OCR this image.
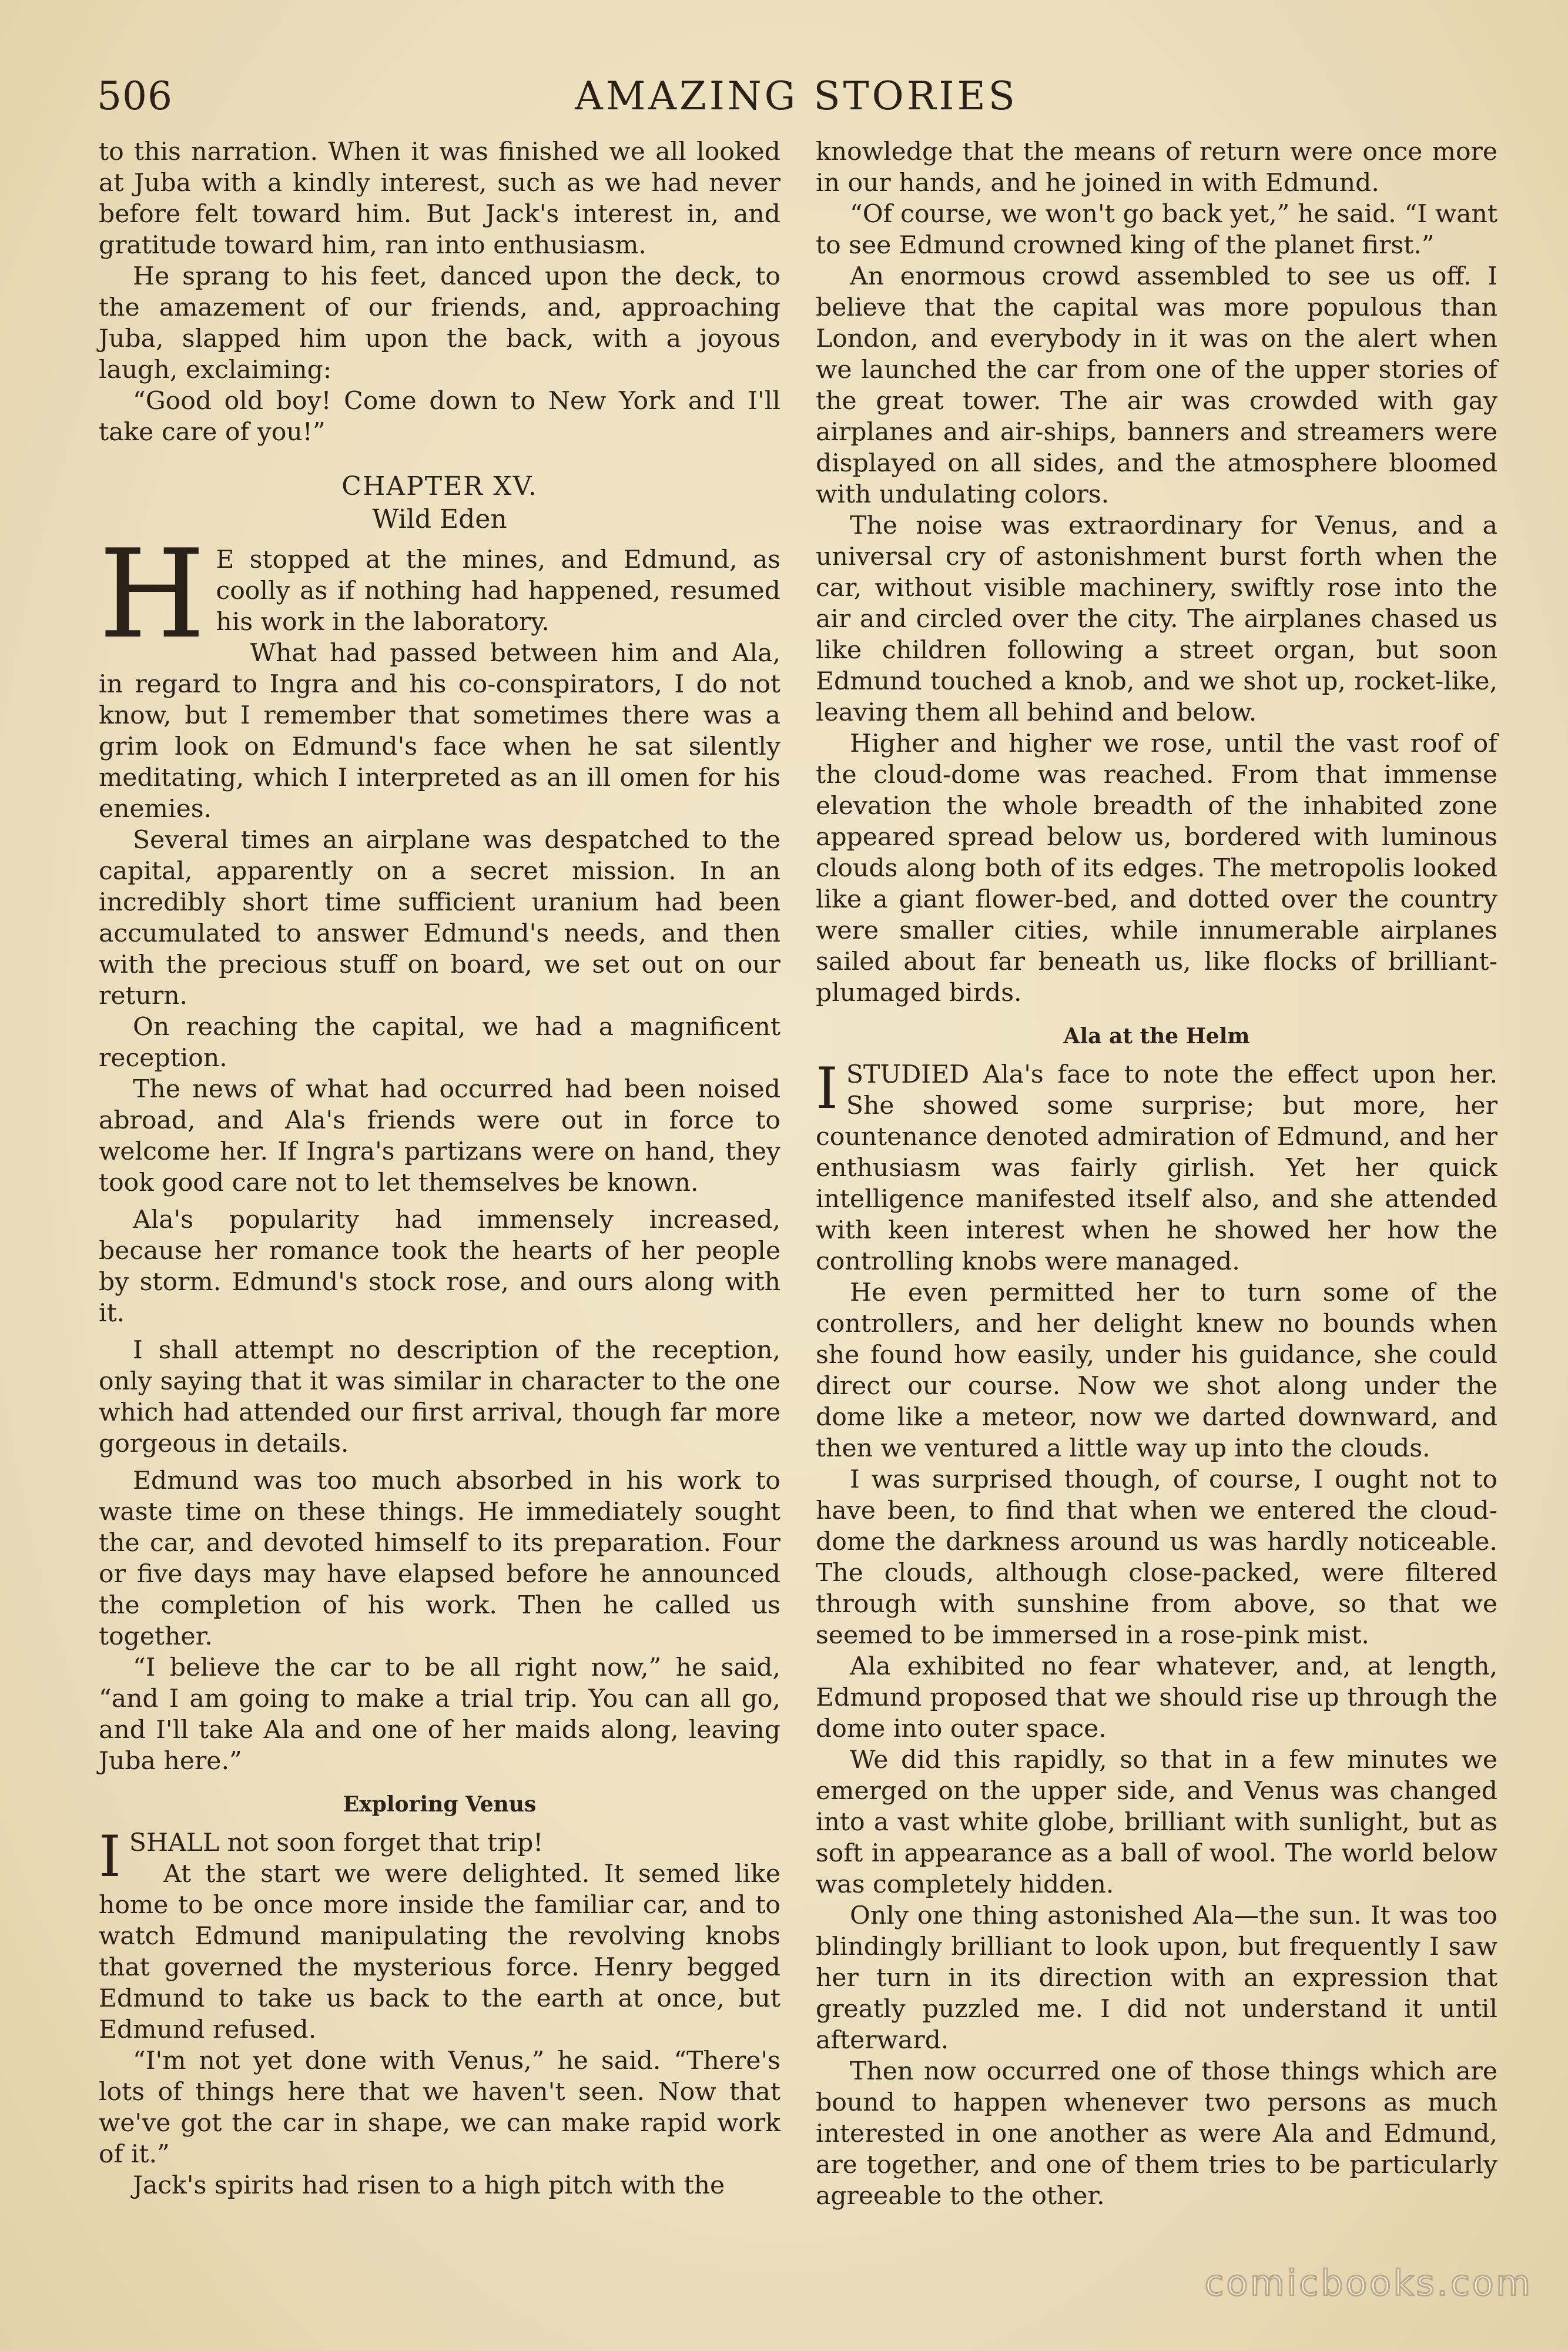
506	AMAZING STORIES

to this narration. When it was finished we all looked at Juba with a kindly interest, such as we had never before felt toward him. But Jack's interest in, and gratitude toward him, ran into enthusiasm.

He sprang to his feet, danced upon the deck, to the amazement of our friends, and, approaching Juba, slapped him upon the back, with a joyous laugh, exclaiming:

“Good old boy! Come down to New York and I'll take care of you!”

CHAPTER XV.
Wild Eden

H E stopped at the mines, and Edmund, as coolly as if nothing had happened, resumed his work in the laboratory.

What had passed between him and Ala, in regard to Ingra and his co-conspirators, I do not know, but I remember that sometimes there was a grim look on Edmund's face when he sat silently meditating, which I interpreted as an ill omen for his enemies.

Several times an airplane was despatched to the capital, apparently on a secret mission. In an incredibly short time sufficient uranium had been accumulated to answer Edmund's needs, and then with the precious stuff on board, we set out on our return.

On reaching the capital, we had a magnificent reception.

The news of what had occurred had been noised abroad, and Ala's friends were out in force to welcome her. If Ingra's partizans were on hand, they took good care not to let themselves be known.

Ala's popularity had immensely increased, because her romance took the hearts of her people by storm. Edmund's stock rose, and ours along with it.

I shall attempt no description of the reception, only saying that it was similar in character to the one which had attended our first arrival, though far more gorgeous in details.

Edmund was too much absorbed in his work to waste time on these things. He immediately sought the car, and devoted himself to its preparation. Four or five days may have elapsed before he announced the completion of his work. Then he called us together.

“I believe the car to be all right now,” he said, “and I am going to make a trial trip. You can all go, and I'll take Ala and one of her maids along, leaving Juba here.”

Exploring Venus

ISHALL not soon forget that trip!

At the start we were delighted. It semed like home to be once more inside the familiar car, and to watch Edmund manipulating the revolving knobs that governed the mysterious force. Henry begged Edmund to take us back to the earth at once, but Edmund refused.

“I'm not yet done with Venus,” he said. “There's lots of things here that we haven't seen. Now that we've got the car in shape, we can make rapid work of it.”

Jack's spirits had risen to a high pitch with the

knowledge that the means of return were once more in our hands, and he joined in with Edmund.

“Of course, we won't go back yet,” he said. “I want to see Edmund crowned king of the planet first.”

An enormous crowd assembled to see us off. I believe that the capital was more populous than London, and everybody in it was on the alert when we launched the car from one of the upper stories of the great tower. The air was crowded with gay airplanes and air-ships, banners and streamers were displayed on all sides, and the atmosphere bloomed with undulating colors.

The noise was extraordinary for Venus, and a universal cry of astonishment burst forth when the car, without visible machinery, swiftly rose into the air and circled over the city. The airplanes chased us like children following a street organ, but soon Edmund touched a knob, and we shot up, rocket-like, leaving them all behind and below.

Higher and higher we rose, until the vast roof of the cloud-dome was reached. From that immense elevation the whole breadth of the inhabited zone appeared spread below us, bordered with luminous clouds along both of its edges. The metropolis looked like a giant flower-bed, and dotted over the country were smaller cities, while innumerable airplanes sailed about far beneath us, like flocks of brilliant-plumaged birds.

Ala at the Helm

ISTUDIED Ala's face to note the effect upon her. She showed some surprise; but more, her countenance denoted admiration of Edmund, and her enthusiasm was fairly girlish. Yet her quick intelligence manifested itself also, and she attended with keen interest when he showed her how the controlling knobs were managed.

He even permitted her to turn some of the controllers, and her delight knew no bounds when she found how easily, under his guidance, she could direct our course. Now we shot along under the dome like a meteor, now we darted downward, and then we ventured a little way up into the clouds.

I was surprised though, of course, I ought not to have been, to find that when we entered the cloud-dome the darkness around us was hardly noticeable. The clouds, although close-packed, were filtered through with sunshine from above, so that we seemed to be immersed in a rose-pink mist.

Ala exhibited no fear whatever, and, at length, Edmund proposed that we should rise up through the dome into outer space.

We did this rapidly, so that in a few minutes we emerged on the upper side, and Venus was changed into a vast white globe, brilliant with sunlight, but as soft in appearance as a ball of wool. The world below was completely hidden.

Only one thing astonished Ala—the sun. It was too blindingly brilliant to look upon, but frequently I saw her turn in its direction with an expression that greatly puzzled me. I did not understand it until afterward.

Then now occurred one of those things which are bound to happen whenever two persons as much interested in one another as were Ala and Edmund, are together, and one of them tries to be particularly agreeable to the other.

comicbooks.com
